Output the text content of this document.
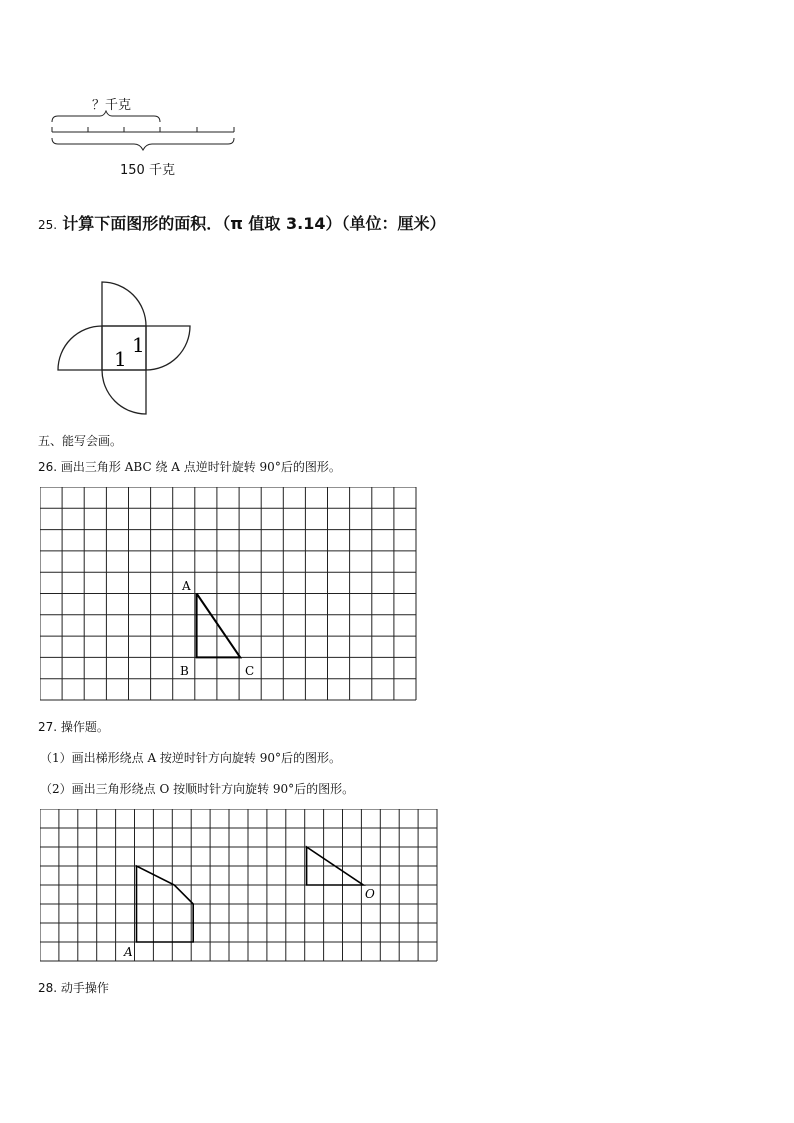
？千克
150 千克
25. 计算下面图形的面积．（π 值取 3.14）（单位：厘米）
1
1
五、能写会画。
26. 画出三角形 ABC 绕 A 点逆时针旋转 90°后的图形。
A
B	C
27. 操作题。
（1）画出梯形绕点 A 按逆时针方向旋转 90°后的图形。
（2）画出三角形绕点 O 按顺时针方向旋转 90°后的图形。
A
O
28. 动手操作
